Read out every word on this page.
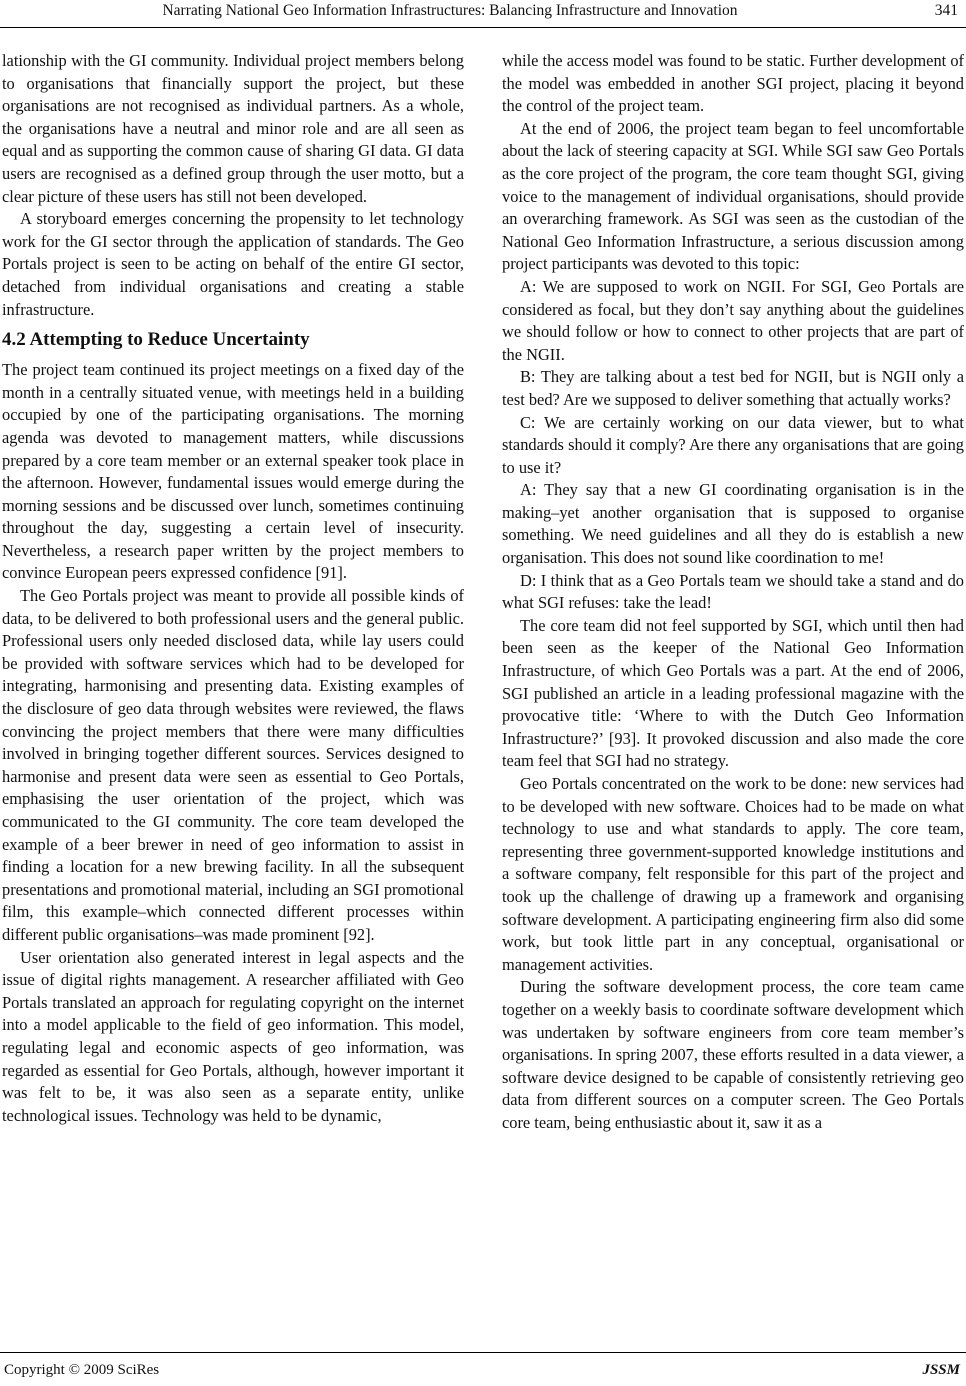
Narrating National Geo Information Infrastructures: Balancing Infrastructure and Innovation	341

lationship with the GI community. Individual project members belong to organisations that financially support the project, but these organisations are not recognised as individual partners. As a whole, the organisations have a neutral and minor role and are all seen as equal and as supporting the common cause of sharing GI data. GI data users are recognised as a defined group through the user motto, but a clear picture of these users has still not been developed.

A storyboard emerges concerning the propensity to let technology work for the GI sector through the application of standards. The Geo Portals project is seen to be acting on behalf of the entire GI sector, detached from individual organisations and creating a stable infrastructure.

4.2 Attempting to Reduce Uncertainty

The project team continued its project meetings on a fixed day of the month in a centrally situated venue, with meetings held in a building occupied by one of the participating organisations. The morning agenda was devoted to management matters, while discussions prepared by a core team member or an external speaker took place in the afternoon. However, fundamental issues would emerge during the morning sessions and be discussed over lunch, sometimes continuing throughout the day, suggesting a certain level of insecurity. Nevertheless, a research paper written by the project members to convince European peers expressed confidence [91].

The Geo Portals project was meant to provide all possible kinds of data, to be delivered to both professional users and the general public. Professional users only needed disclosed data, while lay users could be provided with software services which had to be developed for integrating, harmonising and presenting data. Existing examples of the disclosure of geo data through websites were reviewed, the flaws convincing the project members that there were many difficulties involved in bringing together different sources. Services designed to harmonise and present data were seen as essential to Geo Portals, emphasising the user orientation of the project, which was communicated to the GI community. The core team developed the example of a beer brewer in need of geo information to assist in finding a location for a new brewing facility. In all the subsequent presentations and promotional material, including an SGI promotional film, this example–which connected different processes within different public organisations–was made prominent [92].

User orientation also generated interest in legal aspects and the issue of digital rights management. A researcher affiliated with Geo Portals translated an approach for regulating copyright on the internet into a model applicable to the field of geo information. This model, regulating legal and economic aspects of geo information, was regarded as essential for Geo Portals, although, however important it was felt to be, it was also seen as a separate entity, unlike technological issues. Technology was held to be dynamic,

while the access model was found to be static. Further development of the model was embedded in another SGI project, placing it beyond the control of the project team.

At the end of 2006, the project team began to feel uncomfortable about the lack of steering capacity at SGI. While SGI saw Geo Portals as the core project of the program, the core team thought SGI, giving voice to the management of individual organisations, should provide an overarching framework. As SGI was seen as the custodian of the National Geo Information Infrastructure, a serious discussion among project participants was devoted to this topic:

A: We are supposed to work on NGII. For SGI, Geo Portals are considered as focal, but they don’t say anything about the guidelines we should follow or how to connect to other projects that are part of the NGII.

B: They are talking about a test bed for NGII, but is NGII only a test bed? Are we supposed to deliver something that actually works?

C: We are certainly working on our data viewer, but to what standards should it comply? Are there any organisations that are going to use it?

A: They say that a new GI coordinating organisation is in the making–yet another organisation that is supposed to organise something. We need guidelines and all they do is establish a new organisation. This does not sound like coordination to me!

D: I think that as a Geo Portals team we should take a stand and do what SGI refuses: take the lead!

The core team did not feel supported by SGI, which until then had been seen as the keeper of the National Geo Information Infrastructure, of which Geo Portals was a part. At the end of 2006, SGI published an article in a leading professional magazine with the provocative title: ‘Where to with the Dutch Geo Information Infrastructure?’ [93]. It provoked discussion and also made the core team feel that SGI had no strategy.

Geo Portals concentrated on the work to be done: new services had to be developed with new software. Choices had to be made on what technology to use and what standards to apply. The core team, representing three government-supported knowledge institutions and a software company, felt responsible for this part of the project and took up the challenge of drawing up a framework and organising software development. A participating engineering firm also did some work, but took little part in any conceptual, organisational or management activities.

During the software development process, the core team came together on a weekly basis to coordinate software development which was undertaken by software engineers from core team member’s organisations. In spring 2007, these efforts resulted in a data viewer, a software device designed to be capable of consistently retrieving geo data from different sources on a computer screen. The Geo Portals core team, being enthusiastic about it, saw it as a

Copyright © 2009 SciRes	JSSM
